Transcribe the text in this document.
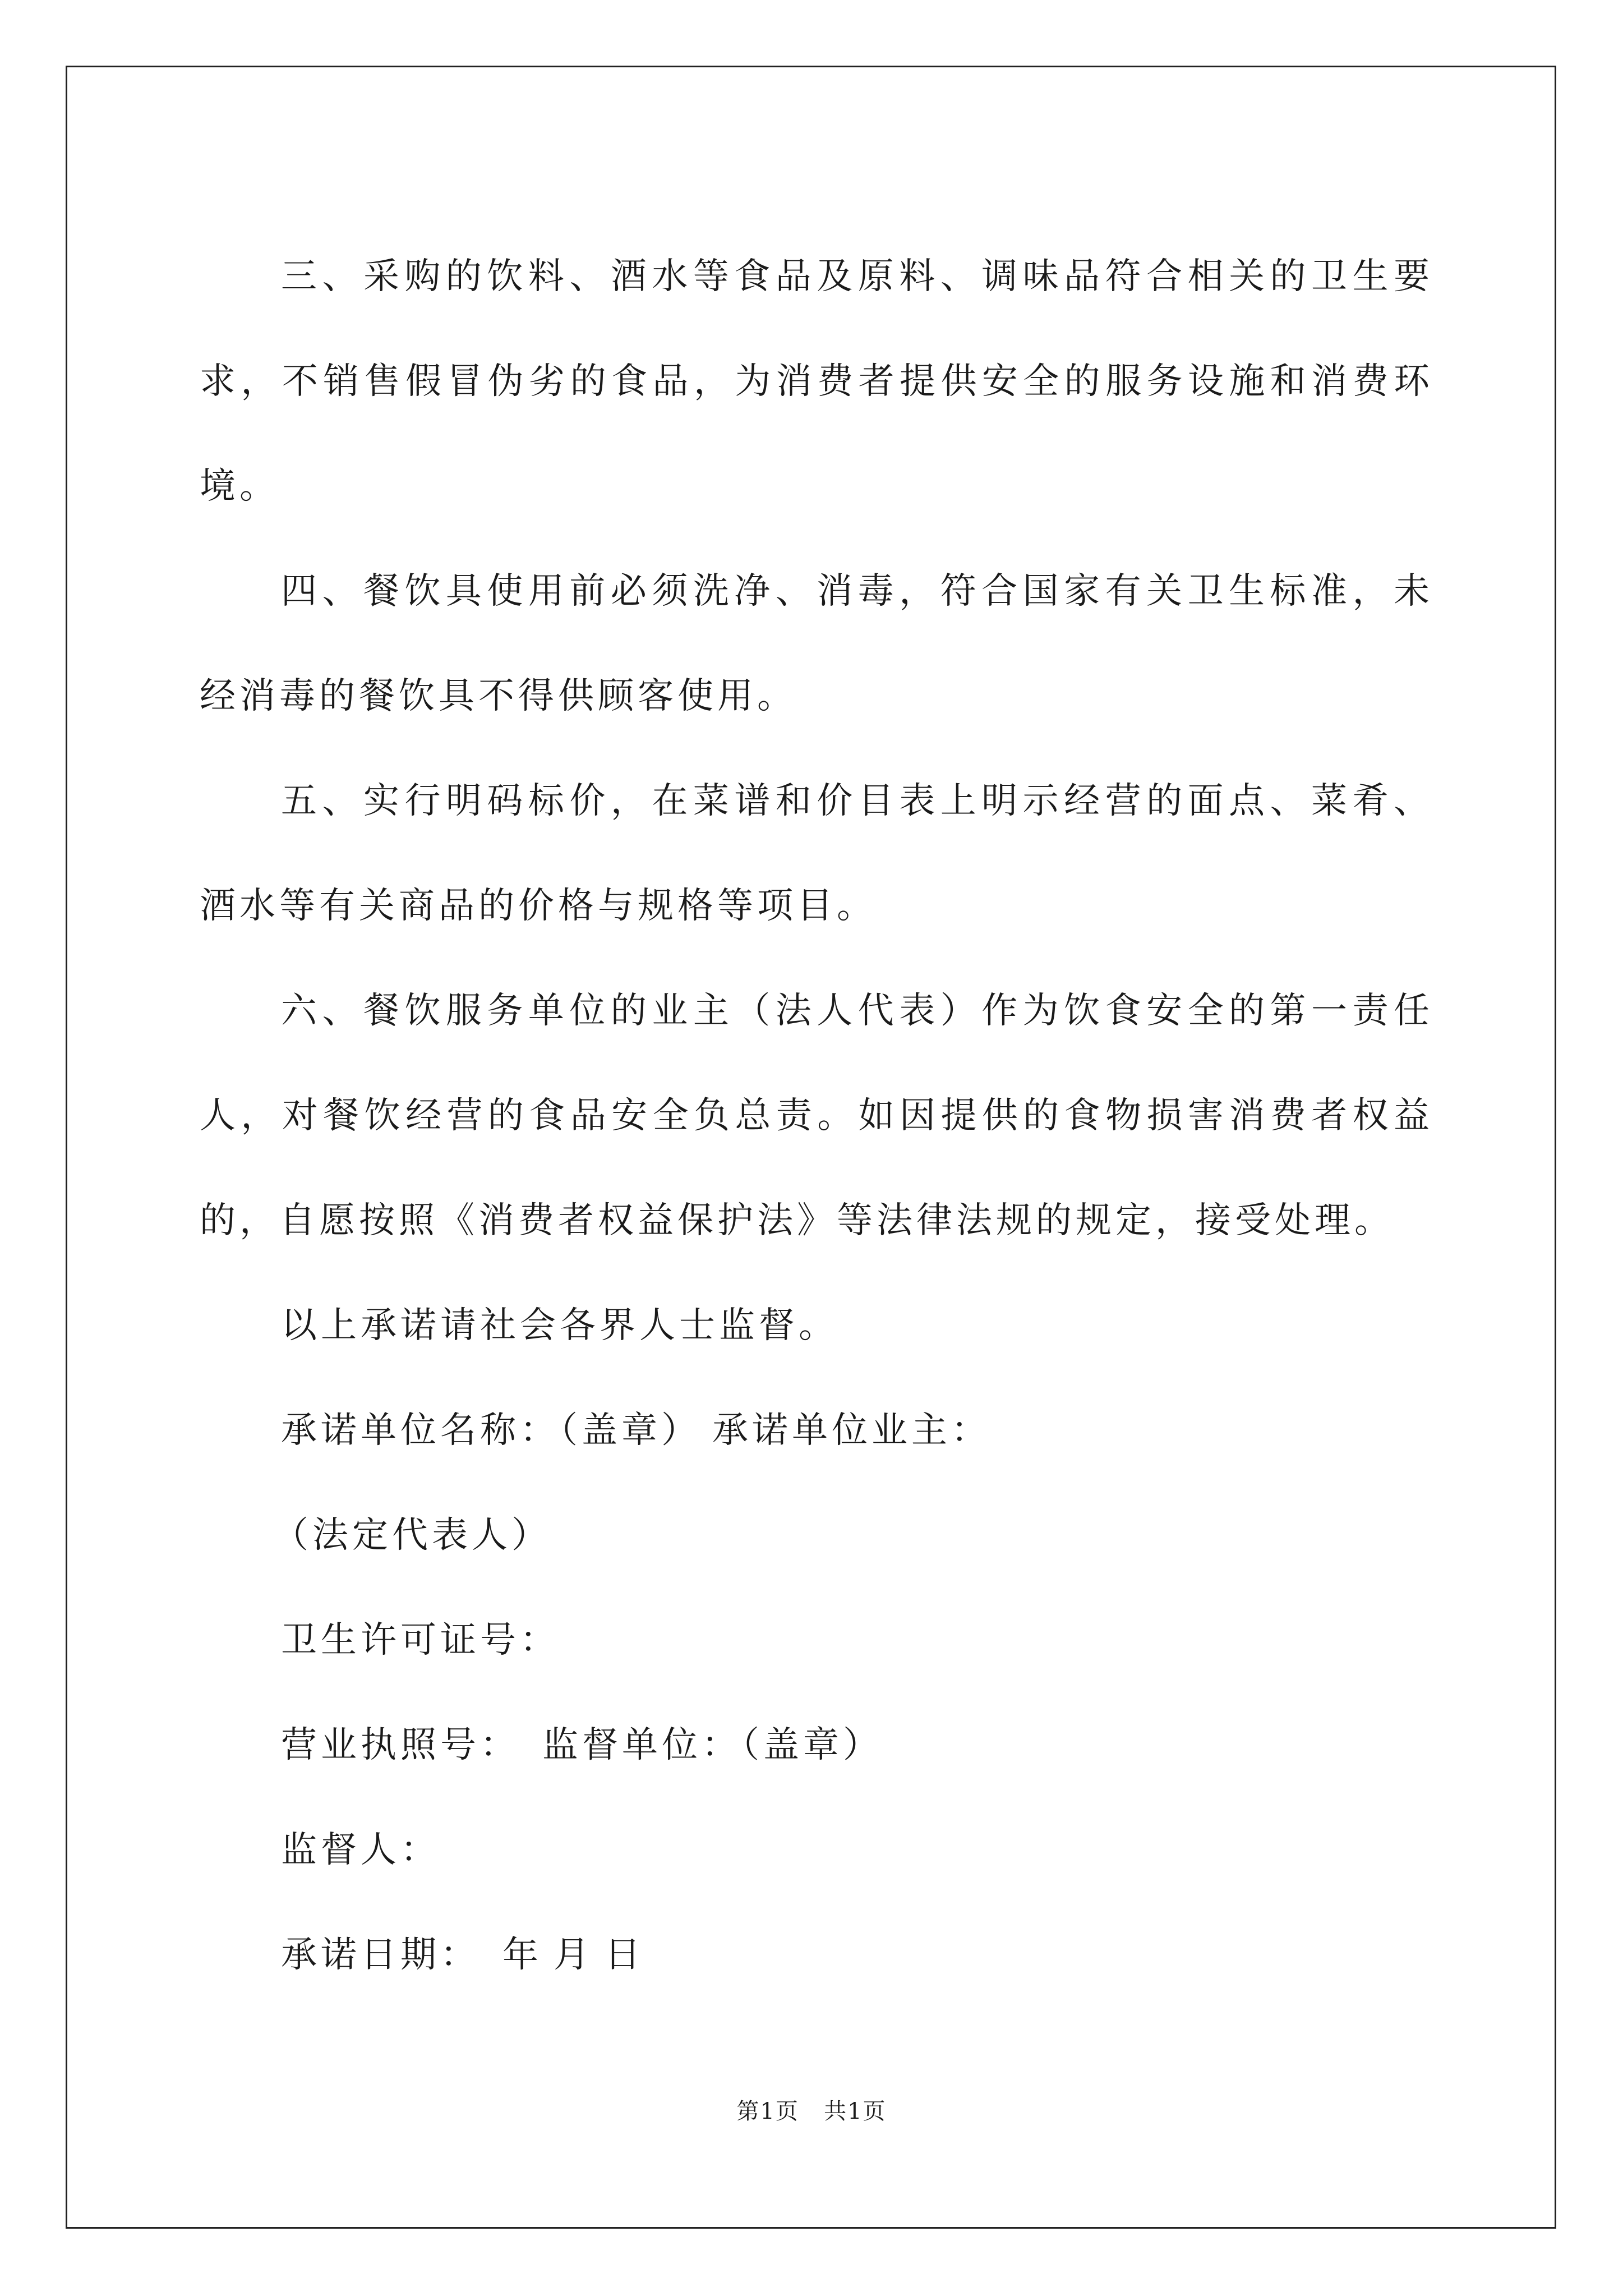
三、采购的饮料、酒水等食品及原料、调味品符合相关的卫生要求，不销售假冒伪劣的食品，为消费者提供安全的服务设施和消费环境。

四、餐饮具使用前必须洗净、消毒，符合国家有关卫生标准，未经消毒的餐饮具不得供顾客使用。

五、实行明码标价，在菜谱和价目表上明示经营的面点、菜肴、酒水等有关商品的价格与规格等项目。

六、餐饮服务单位的业主（法人代表）作为饮食安全的第一责任人，对餐饮经营的食品安全负总责。如因提供的食物损害消费者权益的，自愿按照《消费者权益保护法》等法律法规的规定，接受处理。

以上承诺请社会各界人士监督。

承诺单位名称：（盖章） 承诺单位业主：

（法定代表人）

卫生许可证号：

营业执照号： 监督单位：（盖章）

监督人：

承诺日期： 年 月 日

第1页 共1页
